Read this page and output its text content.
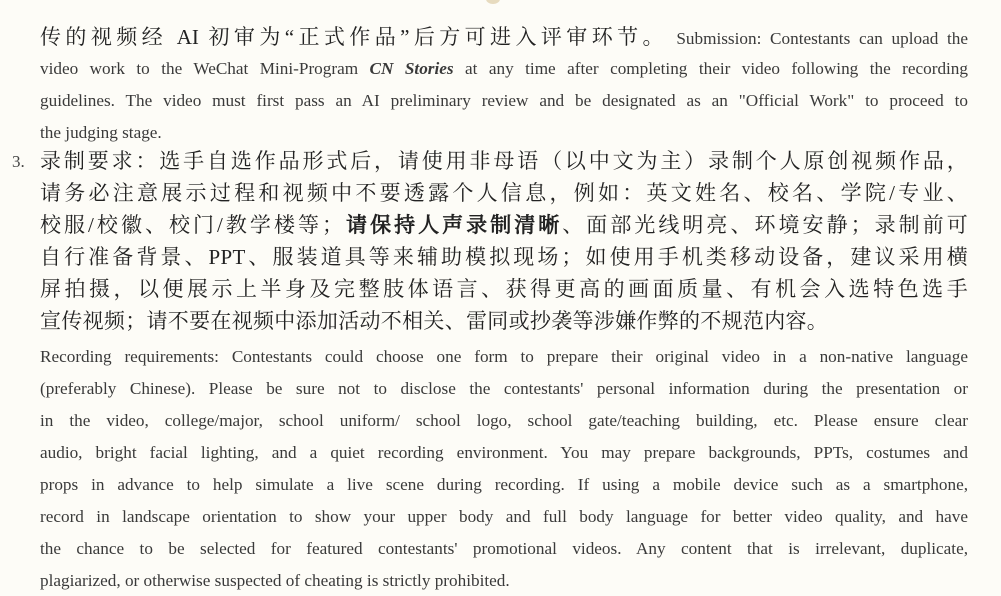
传的视频经 AI 初审为“正式作品”后方可进入评审环节。 Submission: Contestants can upload the
video work to the WeChat Mini-Program CN Stories at any time after completing their video following the recording
guidelines. The video must first pass an AI preliminary review and be designated as an "Official Work" to proceed to
the judging stage.
3. 录制要求：选手自选作品形式后，请使用非母语（以中文为主）录制个人原创视频作品，
请务必注意展示过程和视频中不要透露个人信息，例如：英文姓名、校名、学院/专业、
校服/校徽、校门/教学楼等；请保持人声录制清晰、面部光线明亮、环境安静；录制前可
自行准备背景、PPT、服装道具等来辅助模拟现场；如使用手机类移动设备，建议采用横
屏拍摄，以便展示上半身及完整肢体语言、获得更高的画面质量、有机会入选特色选手
宣传视频；请不要在视频中添加活动不相关、雷同或抄袭等涉嫌作弊的不规范内容。
Recording requirements: Contestants could choose one form to prepare their original video in a non-native language
(preferably Chinese). Please be sure not to disclose the contestants' personal information during the presentation or
in the video, college/major, school uniform/ school logo, school gate/teaching building, etc. Please ensure clear
audio, bright facial lighting, and a quiet recording environment. You may prepare backgrounds, PPTs, costumes and
props in advance to help simulate a live scene during recording. If using a mobile device such as a smartphone,
record in landscape orientation to show your upper body and full body language for better video quality, and have
the chance to be selected for featured contestants' promotional videos. Any content that is irrelevant, duplicate,
plagiarized, or otherwise suspected of cheating is strictly prohibited.
